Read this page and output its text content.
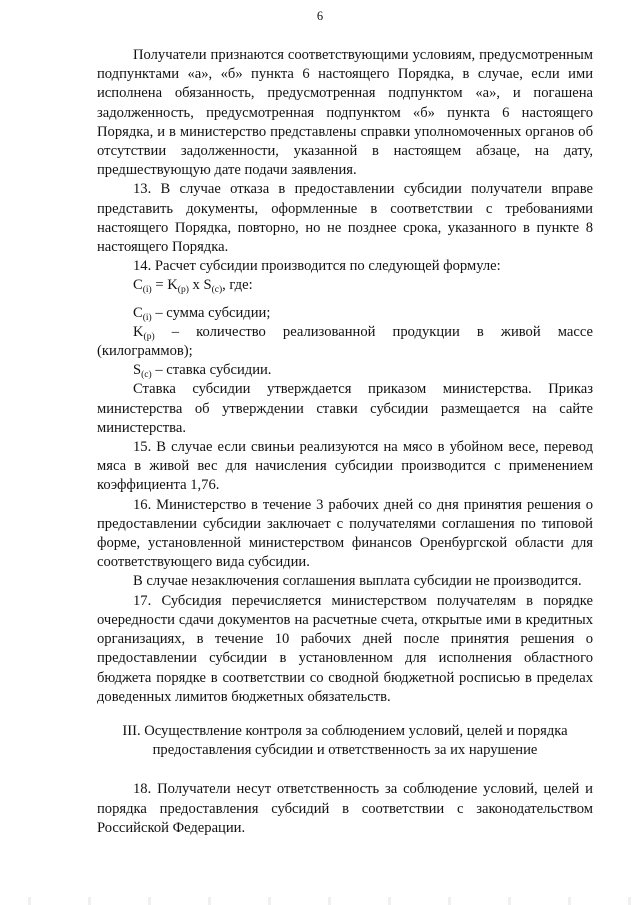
6

Получатели признаются соответствующими условиям, предусмотренным подпунктами «а», «б» пункта 6 настоящего Порядка, в случае, если ими исполнена обязанность, предусмотренная подпунктом «а», и погашена задолженность, предусмотренная подпунктом «б» пункта 6 настоящего Порядка, и в министерство представлены справки уполномоченных органов об отсутствии задолженности, указанной в настоящем абзаце, на дату, предшествующую дате подачи заявления.

13. В случае отказа в предоставлении субсидии получатели вправе представить документы, оформленные в соответствии с требованиями настоящего Порядка, повторно, но не позднее срока, указанного в пункте 8 настоящего Порядка.

14. Расчет субсидии производится по следующей формуле:

$C_{(i)} = K_{(р)}$ x $S_{(с)}$, где:

$C_{(i)}$ – сумма субсидии;

$K_{(р)}$ – количество реализованной продукции в живой массе (килограммов);

$S_{(с)}$ – ставка субсидии.

Ставка субсидии утверждается приказом министерства. Приказ министерства об утверждении ставки субсидии размещается на сайте министерства.

15. В случае если свиньи реализуются на мясо в убойном весе, перевод мяса в живой вес для начисления субсидии производится с применением коэффициента 1,76.

16. Министерство в течение 3 рабочих дней со дня принятия решения о предоставлении субсидии заключает с получателями соглашения по типовой форме, установленной министерством финансов Оренбургской области для соответствующего вида субсидии.

В случае незаключения соглашения выплата субсидии не производится.

17. Субсидия перечисляется министерством получателям в порядке очередности сдачи документов на расчетные счета, открытые ими в кредитных организациях, в течение 10 рабочих дней после принятия решения о предоставлении субсидии в установленном для исполнения областного бюджета порядке в соответствии со сводной бюджетной росписью в пределах доведенных лимитов бюджетных обязательств.

III. Осуществление контроля за соблюдением условий, целей и порядка
предоставления субсидии и ответственность за их нарушение

18. Получатели несут ответственность за соблюдение условий, целей и порядка предоставления субсидий в соответствии с законодательством Российской Федерации.
